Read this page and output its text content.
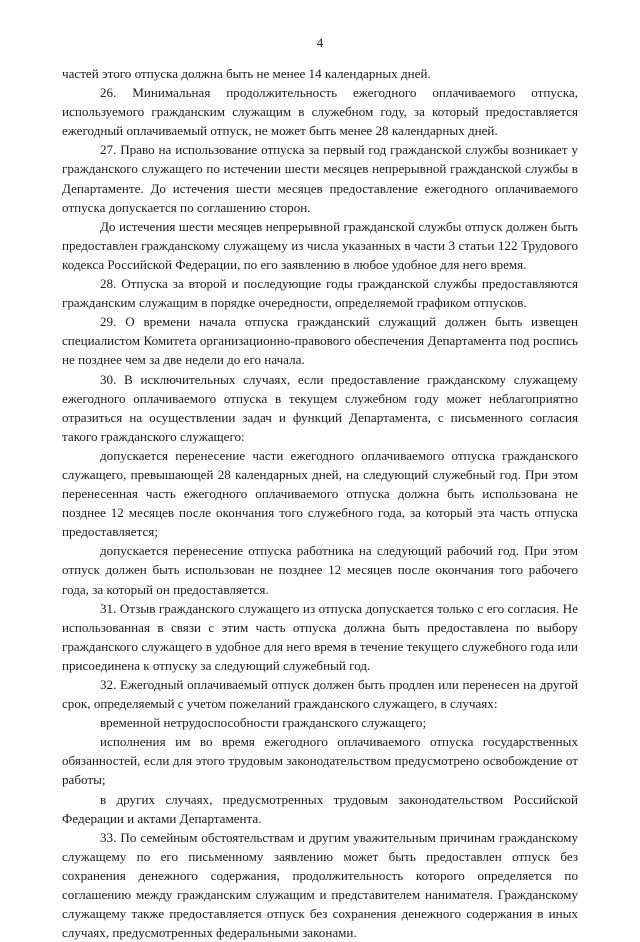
4

частей этого отпуска должна быть не менее 14 календарных дней.

26. Минимальная продолжительность ежегодного оплачиваемого отпуска, используемого гражданским служащим в служебном году, за который предоставляется ежегодный оплачиваемый отпуск, не может быть менее 28 календарных дней.

27. Право на использование отпуска за первый год гражданской службы возникает у гражданского служащего по истечении шести месяцев непрерывной гражданской службы в Департаменте. До истечения шести месяцев предоставление ежегодного оплачиваемого отпуска допускается по соглашению сторон.

До истечения шести месяцев непрерывной гражданской службы отпуск должен быть предоставлен гражданскому служащему из числа указанных в части 3 статьи 122 Трудового кодекса Российской Федерации, по его заявлению в любое удобное для него время.

28. Отпуска за второй и последующие годы гражданской службы предоставляются гражданским служащим в порядке очередности, определяемой графиком отпусков.

29. О времени начала отпуска гражданский служащий должен быть извещен специалистом Комитета организационно-правового обеспечения Департамента под роспись не позднее чем за две недели до его начала.

30. В исключительных случаях, если предоставление гражданскому служащему ежегодного оплачиваемого отпуска в текущем служебном году может неблагоприятно отразиться на осуществлении задач и функций Департамента, с письменного согласия такого гражданского служащего:

допускается перенесение части ежегодного оплачиваемого отпуска гражданского служащего, превышающей 28 календарных дней, на следующий служебный год. При этом перенесенная часть ежегодного оплачиваемого отпуска должна быть использована не позднее 12 месяцев после окончания того служебного года, за который эта часть отпуска предоставляется;

допускается перенесение отпуска работника на следующий рабочий год. При этом отпуск должен быть использован не позднее 12 месяцев после окончания того рабочего года, за который он предоставляется.

31. Отзыв гражданского служащего из отпуска допускается только с его согласия. Не использованная в связи с этим часть отпуска должна быть предоставлена по выбору гражданского служащего в удобное для него время в течение текущего служебного года или присоединена к отпуску за следующий служебный год.

32. Ежегодный оплачиваемый отпуск должен быть продлен или перенесен на другой срок, определяемый с учетом пожеланий гражданского служащего, в случаях:

временной нетрудоспособности гражданского служащего;

исполнения им во время ежегодного оплачиваемого отпуска государственных обязанностей, если для этого трудовым законодательством предусмотрено освобождение от работы;

в других случаях, предусмотренных трудовым законодательством Российской Федерации и актами Департамента.

33. По семейным обстоятельствам и другим уважительным причинам гражданскому служащему по его письменному заявлению может быть предоставлен отпуск без сохранения денежного содержания, продолжительность которого определяется по соглашению между гражданским служащим и представителем нанимателя. Гражданскому служащему также предоставляется отпуск без сохранения денежного содержания в иных случаях, предусмотренных федеральными законами.
